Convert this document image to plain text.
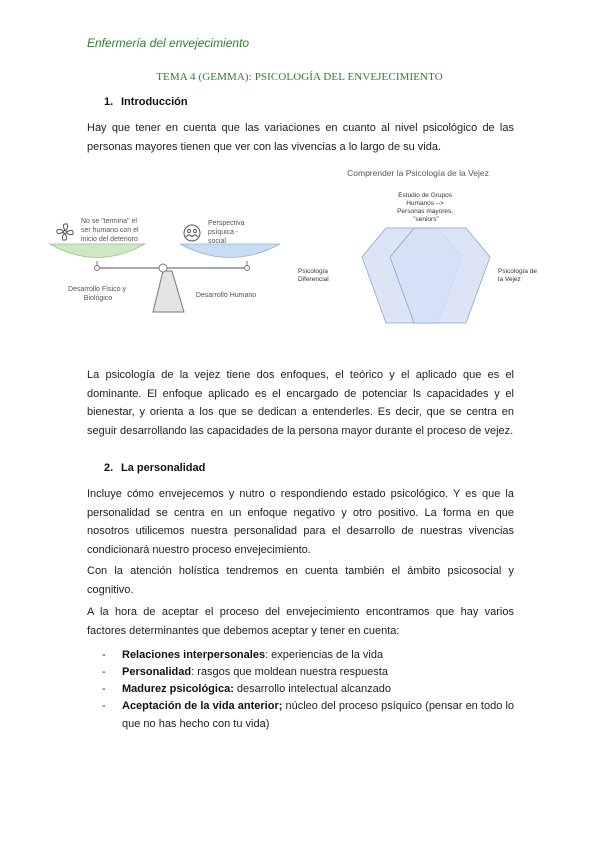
Enfermería del envejecimiento
TEMA 4 (GEMMA): PSICOLOGÍA DEL ENVEJECIMIENTO
1. Introducción
Hay que tener en cuenta que las variaciones en cuanto al nivel psicológico de las personas mayores tienen que ver con las vivencias a lo largo de su vida.
No se "termina" el ser humano con el inicio del deterioro
Perspectiva psíquica - social
Desarrollo Físico y Biológico	Desarrollo Humano
Comprender la Psicología de la Vejez
Estudio de Grupos Humanos --> Personas mayores, "seniors"
Psicología Diferencial
Psicología de la Vejez
La psicología de la vejez tiene dos enfoques, el teórico y el aplicado que es el dominante. El enfoque aplicado es el encargado de potenciar ls capacidades y el bienestar, y orienta a los que se dedican a entenderles. Es decir, que se centra en seguir desarrollando las capacidades de la persona mayor durante el proceso de vejez.
2. La personalidad
Incluye cómo envejecemos y nutro o respondiendo estado psicológico. Y es que la personalidad se centra en un enfoque negativo y otro positivo. La forma en que nosotros utilicemos nuestra personalidad para el desarrollo de nuestras vivencias condicionará nuestro proceso envejecimiento.
Con la atención holística tendremos en cuenta también el ámbito psicosocial y cognitivo.
A la hora de aceptar el proceso del envejecimiento encontramos que hay varios factores determinantes que debemos aceptar y tener en cuenta:
- Relaciones interpersonales: experiencias de la vida
- Personalidad: rasgos que moldean nuestra respuesta
- Madurez psicológica: desarrollo intelectual alcanzado
- Aceptación de la vida anterior; núcleo del proceso psíquico (pensar en todo lo que no has hecho con tu vida)
